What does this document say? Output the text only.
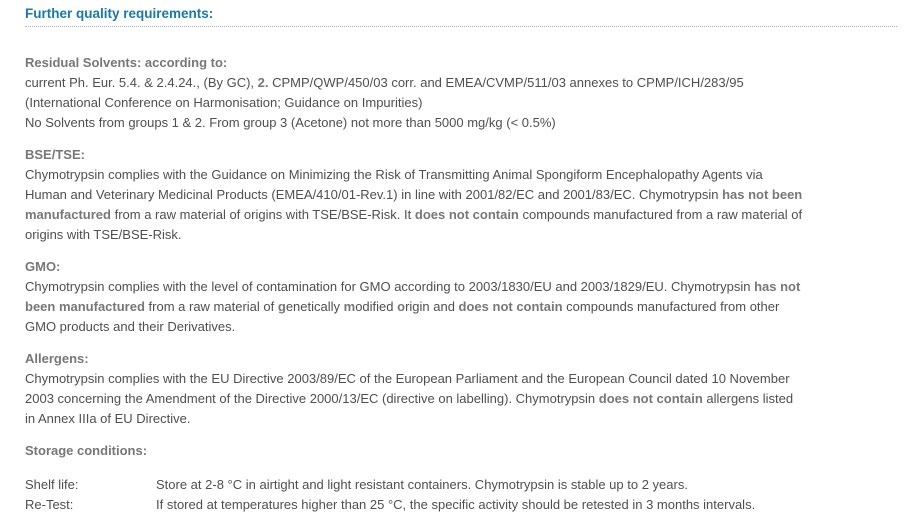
Further quality requirements:
Residual Solvents: according to:
current Ph. Eur. 5.4. & 2.4.24., (By GC), 2. CPMP/QWP/450/03 corr. and EMEA/CVMP/511/03 annexes to CPMP/ICH/283/95
(International Conference on Harmonisation; Guidance on Impurities)
No Solvents from groups 1 & 2. From group 3 (Acetone) not more than 5000 mg/kg (< 0.5%)
BSE/TSE:
Chymotrypsin complies with the Guidance on Minimizing the Risk of Transmitting Animal Spongiform Encephalopathy Agents via
Human and Veterinary Medicinal Products (EMEA/410/01-Rev.1) in line with 2001/82/EC and 2001/83/EC. Chymotrypsin has not been
manufactured from a raw material of origins with TSE/BSE-Risk. It does not contain compounds manufactured from a raw material of
origins with TSE/BSE-Risk.
GMO:
Chymotrypsin complies with the level of contamination for GMO according to 2003/1830/EU and 2003/1829/EU. Chymotrypsin has not
been manufactured from a raw material of genetically modified origin and does not contain compounds manufactured from other
GMO products and their Derivatives.
Allergens:
Chymotrypsin complies with the EU Directive 2003/89/EC of the European Parliament and the European Council dated 10 November
2003 concerning the Amendment of the Directive 2000/13/EC (directive on labelling). Chymotrypsin does not contain allergens listed
in Annex IIIa of EU Directive.
Storage conditions:
Shelf life:	Store at 2-8 °C in airtight and light resistant containers. Chymotrypsin is stable up to 2 years.
Re-Test:	If stored at temperatures higher than 25 °C, the specific activity should be retested in 3 months intervals.
